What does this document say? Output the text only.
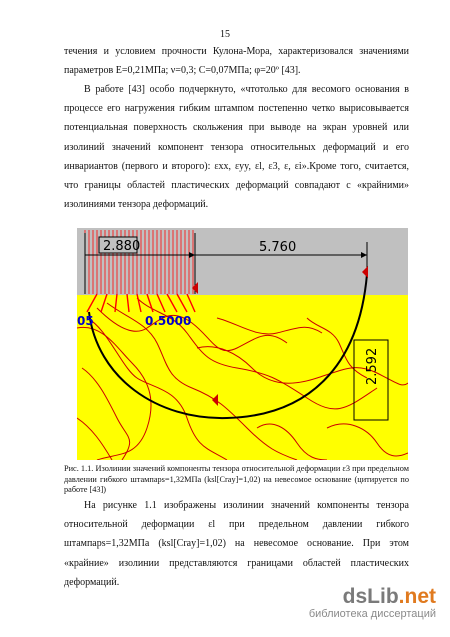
15

течения и условием прочности Кулона-Мора, характеризовался значениями параметров E=0,21МПа; ν=0,3; C=0,07МПа; φ=20º [43].

В работе [43] особо подчеркнуто, «чтотолько для весомого основания в процессе его нагружения гибким штампом постепенно четко вырисовывается потенциальная поверхность скольжения при выводе на экран уровней или изолиний значений компонент тензора относительных деформаций и его инвариантов (первого и второго): εxx, εyy, εl, ε3, ε, εi».Кроме того, считается, что границы областей пластических деформаций совпадают с «крайними» изолиниями тензора деформаций.

2.880	5.760
2.592
0.5000
05

Рис. 1.1. Изолинии значений компоненты тензора относительной деформации ε3 при предельном давлении гибкого штампаps=1,32МПа (ksl[Cray]=1,02) на невесомое основание (цитируется по работе [43])

На рисунке 1.1 изображены изолинии значений компоненты тензора относительной деформации εl при предельном давлении гибкого штампаps=1,32МПа (ksl[Cray]=1,02) на невесомое основание. При этом «крайние» изолинии представляются границами областей пластических деформаций.

dsLib.net
библиотека диссертаций
